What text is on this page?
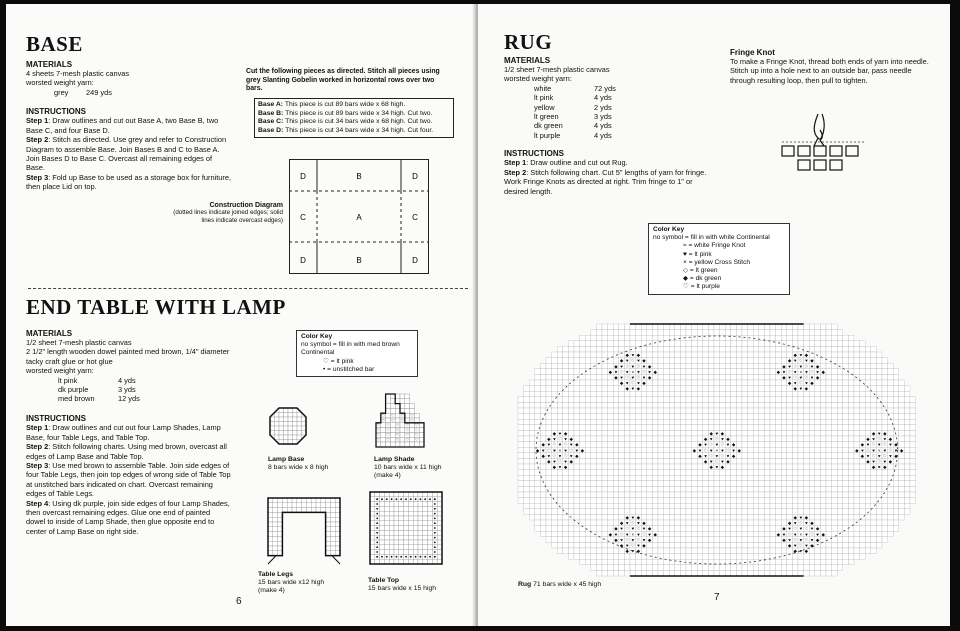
BASE
MATERIALS
4 sheets 7-mesh plastic canvas
worsted weight yarn:
grey	249 yds
INSTRUCTIONS
Step 1: Draw outlines and cut out Base A, two Base B, two Base C, and four Base D.
Step 2: Stitch as directed. Use grey and refer to Construction Diagram to assemble Base. Join Bases B and C to Base A. Join Bases D to Base C. Overcast all remaining edges of Base.
Step 3: Fold up Base to be used as a storage box for furniture, then place Lid on top.
Cut the following pieces as directed. Stitch all pieces using grey Slanting Gobelin worked in horizontal rows over two bars.
Base A: This piece is cut 89 bars wide x 68 high.
Base B: This piece is cut 89 bars wide x 34 high. Cut two.
Base C: This piece is cut 34 bars wide x 68 high. Cut two.
Base D: This piece is cut 34 bars wide x 34 high. Cut four.
Construction Diagram
(dotted lines indicate joined edges; solid lines indicate overcast edges)
D	B	D
C	A	C
D	B	D
END TABLE WITH LAMP
MATERIALS
1/2 sheet 7-mesh plastic canvas
2 1/2" length wooden dowel painted med brown, 1/4" diameter
tacky craft glue or hot glue
worsted weight yarn:
lt pink	4 yds
dk purple	3 yds
med brown	12 yds
INSTRUCTIONS
Step 1: Draw outlines and cut out four Lamp Shades, Lamp Base, four Table Legs, and Table Top.
Step 2: Stitch following charts. Using med brown, overcast all edges of Lamp Base and Table Top.
Step 3: Use med brown to assemble Table. Join side edges of four Table Legs, then join top edges of wrong side of Table Top at unstitched bars indicated on chart. Overcast remaining edges of Table Legs.
Step 4: Using dk purple, join side edges of four Lamp Shades, then overcast remaining edges. Glue one end of painted dowel to inside of Lamp Shade, then glue opposite end to center of Lamp Base on right side.
Color Key
no symbol = fill in with med brown Continental
♡ = lt pink
• = unstitched bar
Lamp Base
8 bars wide x 8 high
♡ ♡ ♡ ♡
♡ ♡ ♡ ♡
♡ ♡ ♡ ♡ ♡
♡ ♡ ♡ ♡ ♡
♡ ♡ ♡ ♡ ♡
♡ ♡ ♡ ♡ ♡
Lamp Shade
10 bars wide x 11 high
(make 4)
Table Legs
15 bars wide x12 high
(make 4)
Table Top
15 bars wide x 15 high
6
RUG
MATERIALS
1/2 sheet 7-mesh plastic canvas
worsted weight yarn:
white	72 yds
lt pink	4 yds
yellow	2 yds
lt green	3 yds
dk green	4 yds
lt purple	4 yds
INSTRUCTIONS
Step 1: Draw outline and cut out Rug.
Step 2: Stitch following chart. Cut 5" lengths of yarn for fringe. Work Fringe Knots as directed at right. Trim fringe to 1" or desired length.
Fringe Knot
To make a Fringe Knot, thread both ends of yarn into needle. Stitch up into a hole next to an outside bar, pass needle through resulting loop, then pull to tighten.
Color Key
no symbol = fill in with white Continental
≈ = white Fringe Knot
♥ = lt pink
× = yellow Cross Stitch
◇ = lt green
◆ = dk green
♡ = lt purple
◆ ♥ ◆
◆ ♥ ♡ ♥ ◆
◆ ♥ ♡ ♥ ♡ ♥ ◆
◆ ♥ ♡ ♥ × ♥ ♡ ♥ ◆
◆ ♥ ♡ ♥ ♡ ♥ ◆
◆ ♥ ♡ ♥ ◆
◆ ♥ ◆
◆ ♥ ◆
◆ ♥ ♡ ♥ ◆
◆ ♥ ♡ ♥ ♡ ♥ ◆
◆ ♥ ♡ ♥ × ♥ ♡ ♥ ◆
◆ ♥ ♡ ♥ ♡ ♥ ◆
◆ ♥ ♡ ♥ ◆
◆ ♥ ◆
◆ ♥ ◆
◆ ♥ ♡ ♥ ◆
◆ ♥ ♡ ♥ ♡ ♥ ◆
◆ ♥ ♡ ♥ × ♥ ♡ ♥ ◆
◆ ♥ ♡ ♥ ♡ ♥ ◆
◆ ♥ ♡ ♥ ◆
◆ ♥ ◆
◆ ♥ ◆
◆ ♥ ♡ ♥ ◆
◆ ♥ ♡ ♥ ♡ ♥ ◆
◆ ♥ ♡ ♥ × ♥ ♡ ♥ ◆
◆ ♥ ♡ ♥ ♡ ♥ ◆
◆ ♥ ♡ ♥ ◆
◆ ♥ ◆
◆ ♥ ◆
◆ ♥ ♡ ♥ ◆
◆ ♥ ♡ ♥ ♡ ♥ ◆
◆ ♥ ♡ ♥ × ♥ ♡ ♥ ◆
◆ ♥ ♡ ♥ ♡ ♥ ◆
◆ ♥ ♡ ♥ ◆
◆ ♥ ◆
◆ ♥ ◆
◆ ♥ ♡ ♥ ◆
◆ ♥ ♡ ♥ ♡ ♥ ◆
◆ ♥ ♡ ♥ × ♥ ♡ ♥ ◆
◆ ♥ ♡ ♥ ♡ ♥ ◆
◆ ♥ ♡ ♥ ◆
◆ ♥ ◆
◆ ♥ ◆
◆ ♥ ♡ ♥ ◆
◆ ♥ ♡ ♥ ♡ ♥ ◆
◆ ♥ ♡ ♥ × ♥ ♡ ♥ ◆
◆ ♥ ♡ ♥ ♡ ♥ ◆
◆ ♥ ♡ ♥ ◆
◆ ♥ ◆
Rug 71 bars wide x 45 high
7
